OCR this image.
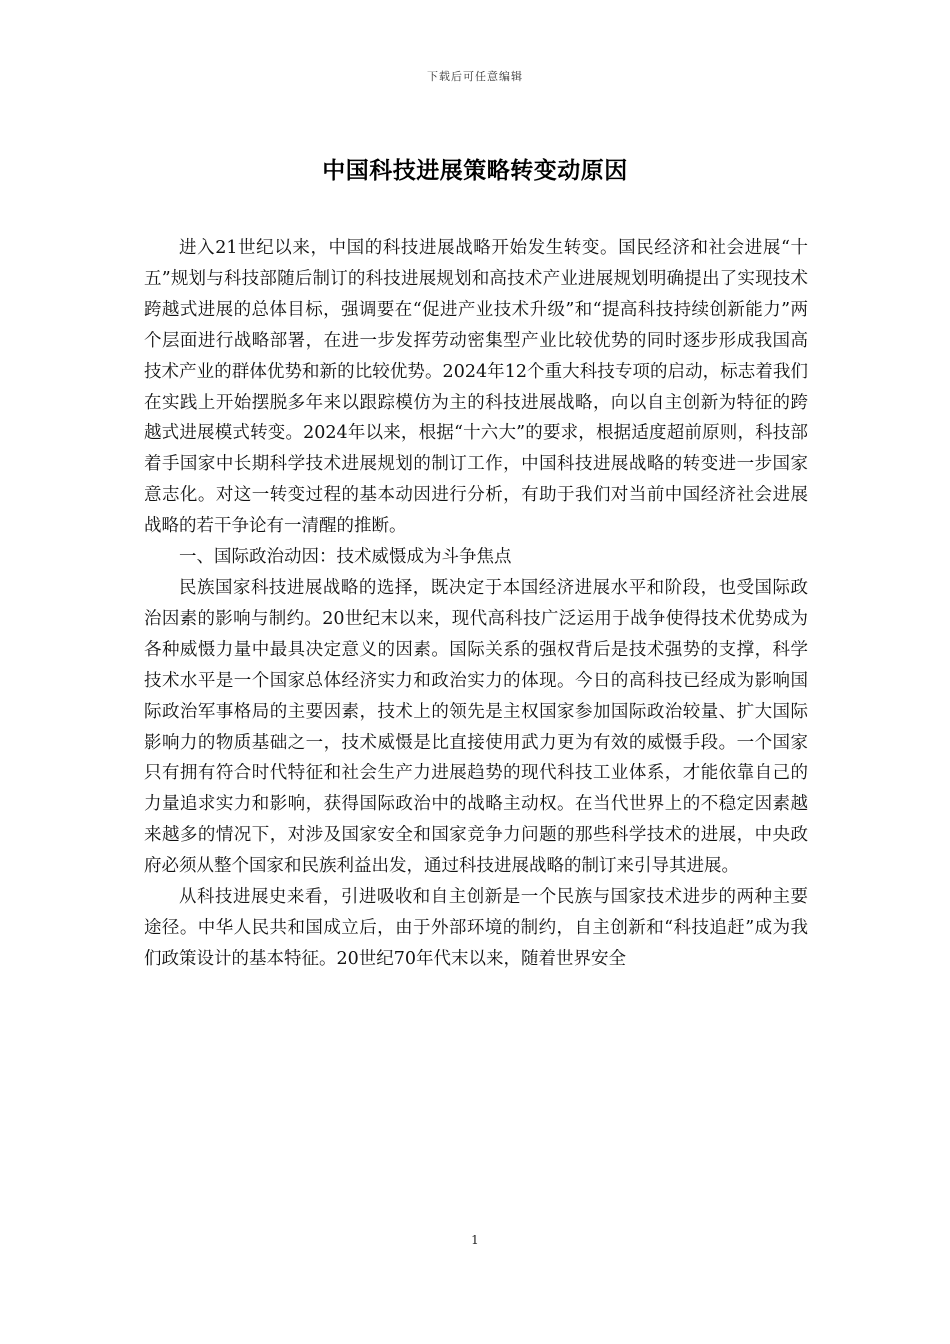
下载后可任意编辑
中国科技进展策略转变动原因

进入21世纪以来，中国的科技进展战略开始发生转变。国民经济和社会进展“十五”规划与科技部随后制订的科技进展规划和高技术产业进展规划明确提出了实现技术跨越式进展的总体目标，强调要在“促进产业技术升级”和“提高科技持续创新能力”两个层面进行战略部署，在进一步发挥劳动密集型产业比较优势的同时逐步形成我国高技术产业的群体优势和新的比较优势。2024年12个重大科技专项的启动，标志着我们在实践上开始摆脱多年来以跟踪模仿为主的科技进展战略，向以自主创新为特征的跨越式进展模式转变。2024年以来，根据“十六大”的要求，根据适度超前原则，科技部着手国家中长期科学技术进展规划的制订工作，中国科技进展战略的转变进一步国家意志化。对这一转变过程的基本动因进行分析，有助于我们对当前中国经济社会进展战略的若干争论有一清醒的推断。

一、国际政治动因：技术威慑成为斗争焦点

民族国家科技进展战略的选择，既决定于本国经济进展水平和阶段，也受国际政治因素的影响与制约。20世纪末以来，现代高科技广泛运用于战争使得技术优势成为各种威慑力量中最具决定意义的因素。国际关系的强权背后是技术强势的支撑，科学技术水平是一个国家总体经济实力和政治实力的体现。今日的高科技已经成为影响国际政治军事格局的主要因素，技术上的领先是主权国家参加国际政治较量、扩大国际影响力的物质基础之一，技术威慑是比直接使用武力更为有效的威慑手段。一个国家只有拥有符合时代特征和社会生产力进展趋势的现代科技工业体系，才能依靠自己的力量追求实力和影响，获得国际政治中的战略主动权。在当代世界上的不稳定因素越来越多的情况下，对涉及国家安全和国家竞争力问题的那些科学技术的进展，中央政府必须从整个国家和民族利益出发，通过科技进展战略的制订来引导其进展。

从科技进展史来看，引进吸收和自主创新是一个民族与国家技术进步的两种主要途径。中华人民共和国成立后，由于外部环境的制约，自主创新和“科技追赶”成为我们政策设计的基本特征。20世纪70年代末以来，随着世界安全

1
